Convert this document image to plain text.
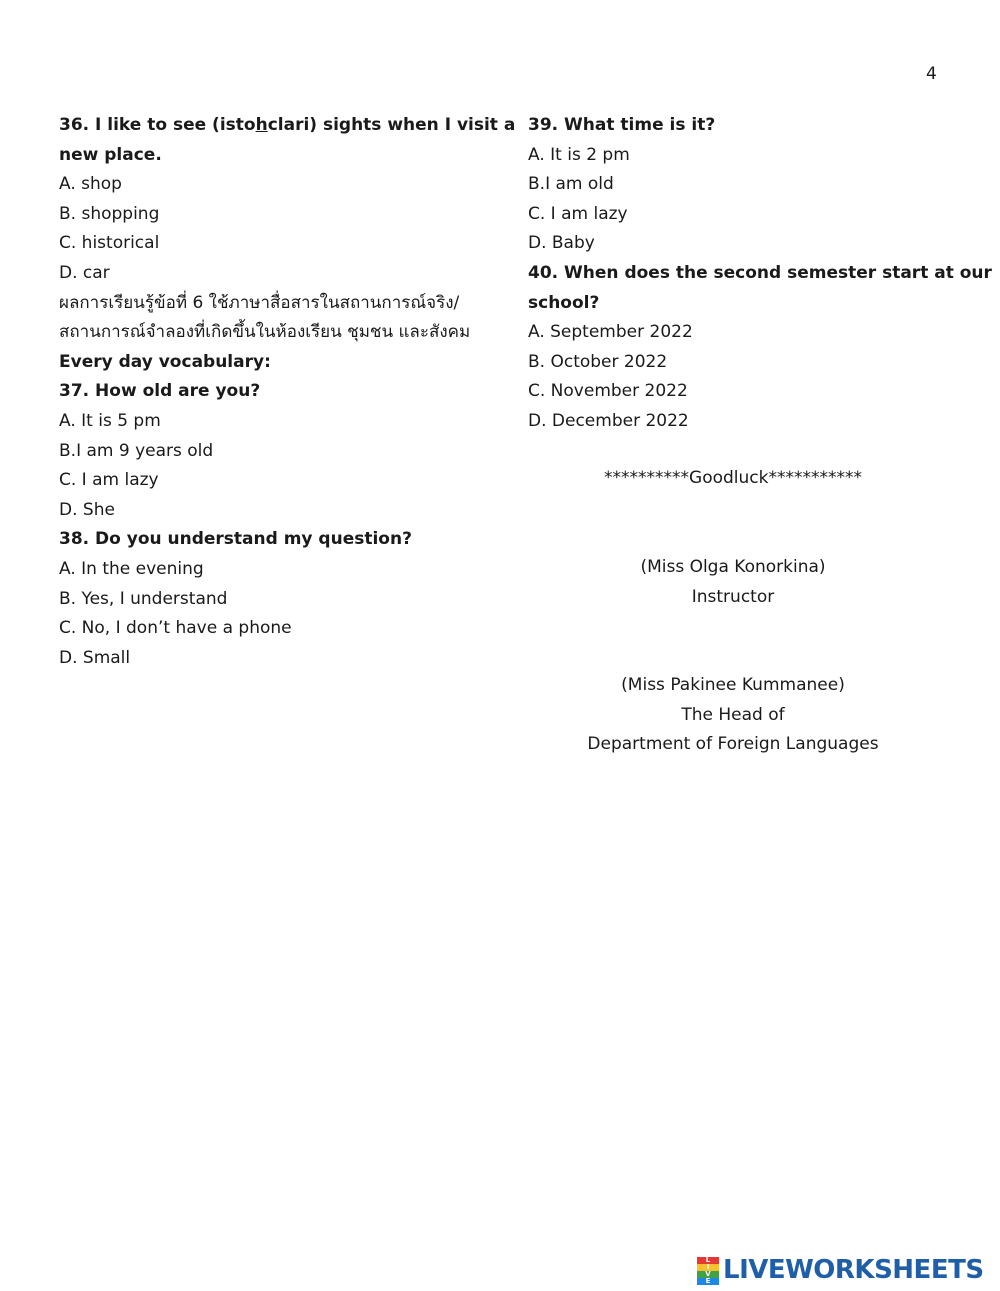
4
36. I like to see (istohclari) sights when I visit a
new place.
A. shop
B. shopping
C. historical
D. car
ผลการเรียนรู้ข้อที่ 6 ใช้ภาษาสื่อสารในสถานการณ์จริง/
สถานการณ์จำลองที่เกิดขึ้นในห้องเรียน ชุมชน และสังคม
Every day vocabulary:
37. How old are you?
A. It is 5 pm
B.I am 9 years old
C. I am lazy
D. She
38. Do you understand my question?
A. In the evening
B. Yes, I understand
C. No, I don’t have a phone
D. Small
39. What time is it?
A. It is 2 pm
B.I am old
C. I am lazy
D. Baby
40. When does the second semester start at our
school?
A. September 2022
B. October 2022
C. November 2022
D. December 2022
**********Goodluck***********
(Miss Olga Konorkina)
Instructor
(Miss Pakinee Kummanee)
The Head of
Department of Foreign Languages
L
I
V
E LIVEWORKSHEETS
